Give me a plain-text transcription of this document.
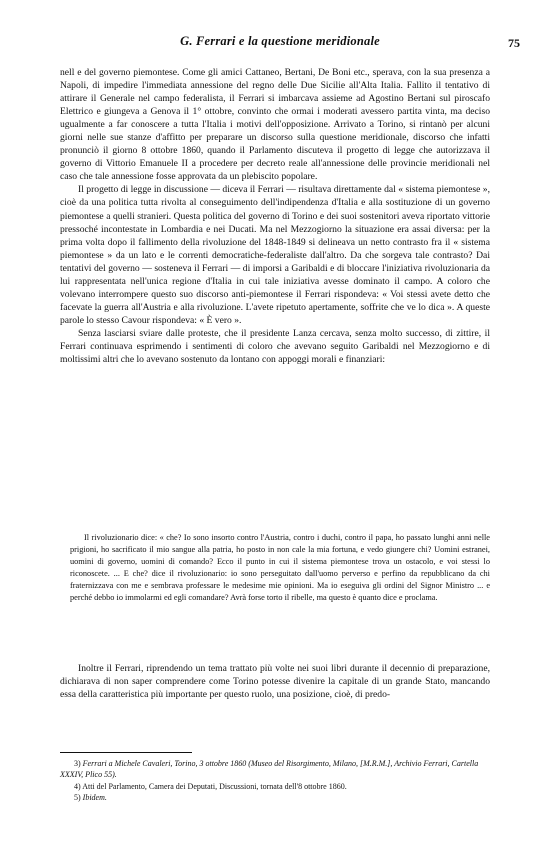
G. Ferrari e la questione meridionale	75

nell e del governo piemontese. Come gli amici Cattaneo, Bertani, De Boni etc., sperava, con la sua presenza a Napoli, di impedire l'immediata annessione del regno delle Due Sicilie all'Alta Italia. Fallito il tentativo di attirare il Generale nel campo federalista, il Ferrari si imbarcava assieme ad Agostino Bertani sul piroscafo Elettrico e giungeva a Genova il 1° ottobre, convinto che ormai i moderati avessero partita vinta, ma deciso ugualmente a far conoscere a tutta l'Italia i motivi dell'opposizione. Arrivato a Torino, si rintanò per alcuni giorni nelle sue stanze d'affitto per preparare un discorso sulla questione meridionale, discorso che infatti pronunciò il giorno 8 ottobre 1860, quando il Parlamento discuteva il progetto di legge che autorizzava il governo di Vittorio Emanuele II a procedere per decreto reale all'annessione delle provincie meridionali nel caso che tale annessione fosse approvata da un plebiscito popolare.

Il progetto di legge in discussione — diceva il Ferrari — risultava direttamente dal « sistema piemontese », cioè da una politica tutta rivolta al conseguimento dell'indipendenza d'Italia e alla sostituzione di un governo piemontese a quelli stranieri. Questa politica del governo di Torino e dei suoi sostenitori aveva riportato vittorie pressoché incontestate in Lombardia e nei Ducati. Ma nel Mezzogiorno la situazione era assai diversa: per la prima volta dopo il fallimento della rivoluzione del 1848-1849 si delineava un netto contrasto fra il « sistema piemontese » da un lato e le correnti democratiche-federaliste dall'altro. Da che sorgeva tale contrasto? Dai tentativi del governo — sosteneva il Ferrari — di imporsi a Garibaldi e di bloccare l'iniziativa rivoluzionaria da lui rappresentata nell'unica regione d'Italia in cui tale iniziativa avesse dominato il campo. A coloro che volevano interrompere questo suo discorso anti-piemontese il Ferrari rispondeva: « Voi stessi avete detto che facevate la guerra all'Austria e alla rivoluzione. L'avete ripetuto apertamente, soffrite che ve lo dica ». A queste parole lo stesso Cavour rispondeva: « È vero ».

Senza lasciarsi sviare dalle proteste, che il presidente Lanza cercava, senza molto successo, di zittire, il Ferrari continuava esprimendo i sentimenti di coloro che avevano seguito Garibaldi nel Mezzogiorno e di moltissimi altri che lo avevano sostenuto da lontano con appoggi morali e finanziari:

Il rivoluzionario dice: « che? Io sono insorto contro l'Austria, contro i duchi, contro il papa, ho passato lunghi anni nelle prigioni, ho sacrificato il mio sangue alla patria, ho posto in non cale la mia fortuna, e vedo giungere chi? Uomini estranei, uomini di governo, uomini di comando? Ecco il punto in cui il sistema piemontese trova un ostacolo, e voi stessi lo riconoscete. ... E che? dice il rivoluzionario: io sono perseguitato dall'uomo perverso e perfino da repubblicano da chi fraternizzava con me e sembrava professare le medesime mie opinioni. Ma io eseguiva gli ordini del Signor Ministro ... e perché debbo io immolarmi ed egli comandare? Avrà forse torto il ribelle, ma questo è quanto dice e proclama.

Inoltre il Ferrari, riprendendo un tema trattato più volte nei suoi libri durante il decennio di preparazione, dichiarava di non saper comprendere come Torino potesse divenire la capitale di un grande Stato, mancando essa della caratteristica più importante per questo ruolo, una posizione, cioè, di predo-

3) Ferrari a Michele Cavaleri, Torino, 3 ottobre 1860 (Museo del Risorgimento, Milano, [M.R.M.], Archivio Ferrari, Cartella XXXIV, Plico 55).

4) Atti del Parlamento, Camera dei Deputati, Discussioni, tornata dell'8 ottobre 1860.

5) Ibidem.
